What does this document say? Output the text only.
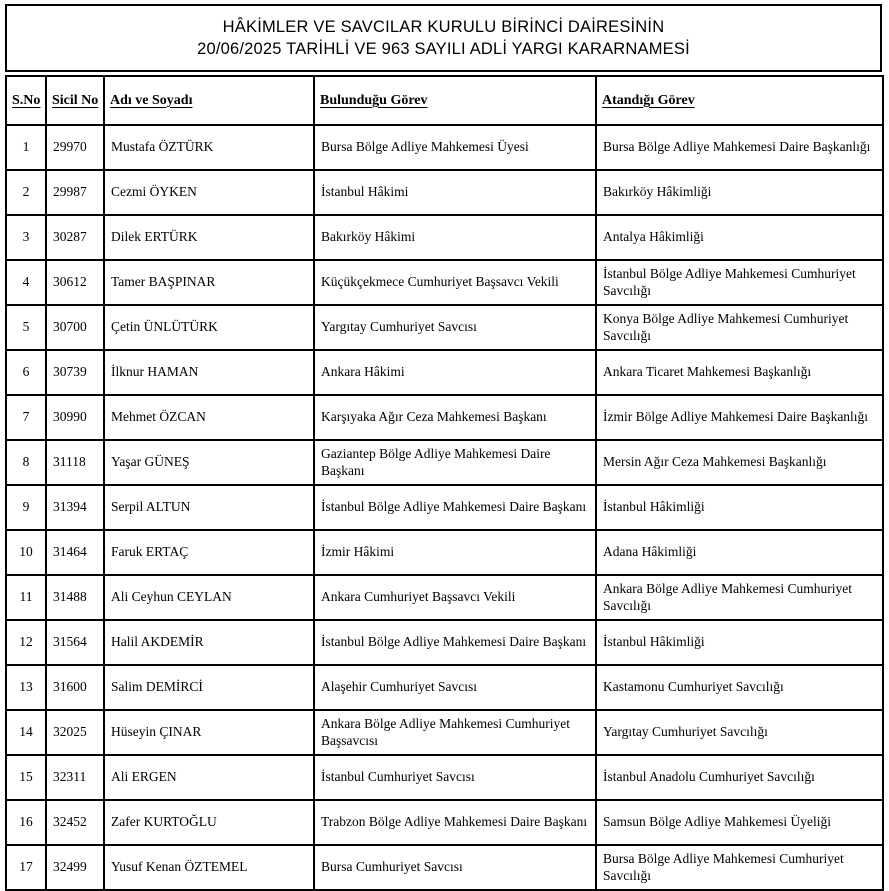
HÂKİMLER VE SAVCILAR KURULU BİRİNCİ DAİRESİNİN
20/06/2025 TARİHLİ VE 963 SAYILI ADLİ YARGI KARARNAMESİ
S.No	Sicil No	Adı ve Soyadı	Bulunduğu Görev	Atandığı Görev
1	29970	Mustafa ÖZTÜRK	Bursa Bölge Adliye Mahkemesi Üyesi	Bursa Bölge Adliye Mahkemesi Daire Başkanlığı
2	29987	Cezmi ÖYKEN	İstanbul Hâkimi	Bakırköy Hâkimliği
3	30287	Dilek ERTÜRK	Bakırköy Hâkimi	Antalya Hâkimliği
4	30612	Tamer BAŞPINAR	Küçükçekmece Cumhuriyet Başsavcı Vekili	İstanbul Bölge Adliye Mahkemesi Cumhuriyet Savcılığı
5	30700	Çetin ÜNLÜTÜRK	Yargıtay Cumhuriyet Savcısı	Konya Bölge Adliye Mahkemesi Cumhuriyet Savcılığı
6	30739	İlknur HAMAN	Ankara Hâkimi	Ankara Ticaret Mahkemesi Başkanlığı
7	30990	Mehmet ÖZCAN	Karşıyaka Ağır Ceza Mahkemesi Başkanı	İzmir Bölge Adliye Mahkemesi Daire Başkanlığı
8	31118	Yaşar GÜNEŞ	Gaziantep Bölge Adliye Mahkemesi Daire Başkanı	Mersin Ağır Ceza Mahkemesi Başkanlığı
9	31394	Serpil ALTUN	İstanbul Bölge Adliye Mahkemesi Daire Başkanı	İstanbul Hâkimliği
10	31464	Faruk ERTAÇ	İzmir Hâkimi	Adana Hâkimliği
11	31488	Ali Ceyhun CEYLAN	Ankara Cumhuriyet Başsavcı Vekili	Ankara Bölge Adliye Mahkemesi Cumhuriyet Savcılığı
12	31564	Halil AKDEMİR	İstanbul Bölge Adliye Mahkemesi Daire Başkanı	İstanbul Hâkimliği
13	31600	Salim DEMİRCİ	Alaşehir Cumhuriyet Savcısı	Kastamonu Cumhuriyet Savcılığı
14	32025	Hüseyin ÇINAR	Ankara Bölge Adliye Mahkemesi Cumhuriyet Başsavcısı	Yargıtay Cumhuriyet Savcılığı
15	32311	Ali ERGEN	İstanbul Cumhuriyet Savcısı	İstanbul Anadolu Cumhuriyet Savcılığı
16	32452	Zafer KURTOĞLU	Trabzon Bölge Adliye Mahkemesi Daire Başkanı	Samsun Bölge Adliye Mahkemesi Üyeliği
17	32499	Yusuf Kenan ÖZTEMEL	Bursa Cumhuriyet Savcısı	Bursa Bölge Adliye Mahkemesi Cumhuriyet Savcılığı
